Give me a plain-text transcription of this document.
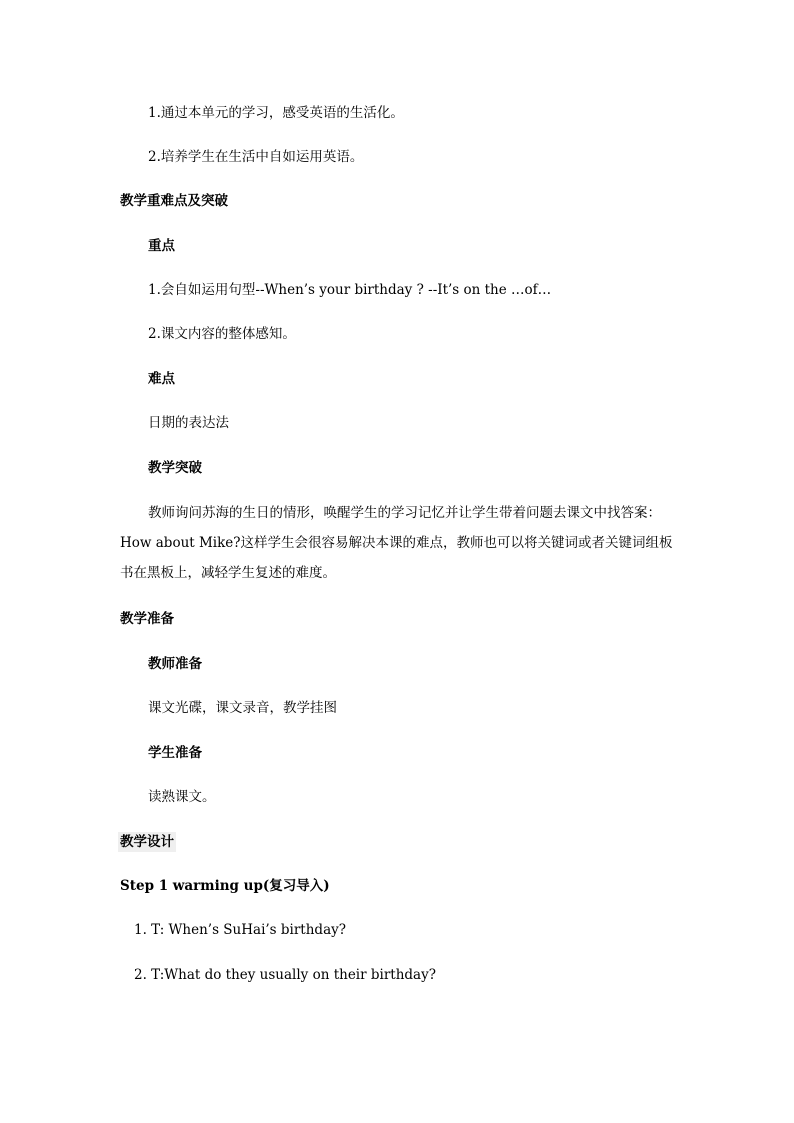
1.通过本单元的学习，感受英语的生活化。
2.培养学生在生活中自如运用英语。
教学重难点及突破
重点
1.会自如运用句型--When’s your birthday ? --It’s on the …of…
2.课文内容的整体感知。
难点
日期的表达法
教学突破
教师询问苏海的生日的情形，唤醒学生的学习记忆并让学生带着问题去课文中找答案：
How about Mike?这样学生会很容易解决本课的难点，教师也可以将关键词或者关键词组板
书在黑板上，减轻学生复述的难度。
教学准备
教师准备
课文光碟，课文录音，教学挂图
学生准备
读熟课文。
教学设计
Step 1 warming up(复习导入)
1. T: When’s SuHai’s birthday?
2. T:What do they usually on their birthday?
